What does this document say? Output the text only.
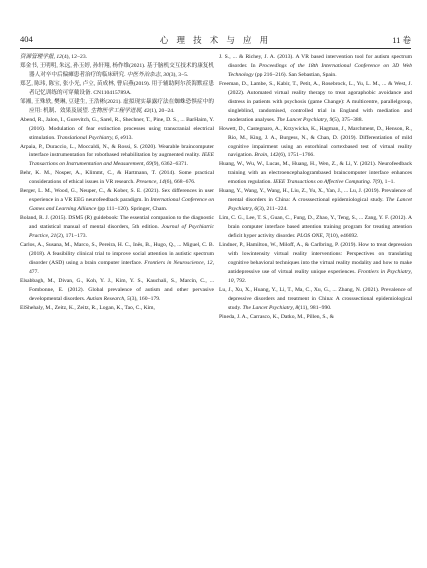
404	心 理 技 术 与 应 用	11 卷

资源管理学报, 12(4), 12−23.

郑金书, 王明明, 朱远, 孙玉婷, 孙轩翔, 杨作维(2021). 基于脑机交互技术的康复机器人对卒中后偏瘫患者治疗的临床研究. 中医外治杂志, 30(3), 3−5.

郑艺, 陈玮, 陈宝, 张小光, 卢立, 苗成林, 曹启燕(2019). 用于辅助阿尔茨海默症患者记忆训练的可穿戴设备. CN110415789A.

邹湘, 王殊轶, 樊琳, 豆建生, 王浩彬(2021). 虚拟现实暴露疗法在蜘蛛恐惧症中的应用: 机制、效果及展望. 生物医学工程学进展, 42(1), 20−24.

Abend, R., Jalon, I., Gurevitch, G., Sarel, R., Shechner, T., Pine, D. S., ... BarHaim, Y. (2016). Modulation of fear extinction processes using transcranial electrical stimulation. Translational Psychiatry, 6, e913.

Arpaia, P., Duraccio, L., Moccaldi, N., & Rossi, S. (2020). Wearable braincomputer interface instrumentation for robotbased rehabilitation by augmented reality. IEEE Transactions on Instrumentation and Measurement, 69(9), 6362−6371.

Behr, K. M., Nosper, A., Klimmt, C., & Hartmann, T. (2014). Some practical considerations of ethical issues in VR research. Presence, 14(6), 668−676.

Berger, L. M., Wood, G., Neuper, C., & Kober, S. E. (2021). Sex differences in user experience in a VR EEG neurofeedback paradigm. In International Conference on Games and Learning Alliance (pp 111−120). Springer, Cham.

Boland, R. J. (2015). DSM5 (R) guidebook: The essential companion to the diagnostic and statistical manual of mental disorders, 5th edition. Journal of Psychiatric Practice, 21(2), 171−173.

Carlos, A., Susana, M., Marco, S., Pereira, H. C., Inês, B., Hugo, Q., ... Miguel, C. B. (2018). A feasibility clinical trial to improve social attention in autistic spectrum disorder (ASD) using a brain computer interface. Frontiers in Neuroscience, 12, 477.

Elsabbagh, M., Divan, G., Koh, Y. J., Kim, Y. S., Kauchali, S., Marcín, C., ... Fombonne, E. (2012). Global prevalence of autism and other pervasive developmental disorders. Autism Research, 5(3), 160−179.

ElShehaly, M., Zeitz, K., Zeitz, R., Logan, K., Tao, C., Kim,

J. S., ... & Richey, J. A. (2013). A VR based intervention tool for autism spectrum disorder. In Proceedings of the 18th International Conference on 3D Web Technology (pp 216−216). San Sebastian, Spain.

Freeman, D., Lambe, S., Kabir, T., Petit, A., Rosebrock, L., Yu, L. M., ... & West, J. (2022). Automated virtual reality therapy to treat agoraphobic avoidance and distress in patients with psychosis (game Change): A multicentre, parallelgroup, singleblind, randomised, controlled trial in England with mediation and moderation analyses. The Lancet Psychiatry, 9(5), 375−388.

Howett, D., Castegnaro, A., Krzywicka, K., Hagman, J., Marchment, D., Henson, R., Rio, M., King, J. A., Burgess, N., & Chan, D. (2019). Differentiation of mild cognitive impairment using an entorhinal cortexbased test of virtual reality navigation. Brain, 142(6), 1751−1766.

Huang, W., Wu, W., Lucas, M., Huang, H., Wen, Z., & Li, Y. (2021). Neurofeedback training with an electroencephalogrambased braincomputer interface enhances emotion regulation. IEEE Transactions on Affective Computing. 7(9), 1−1.

Huang, Y., Wang, Y., Wang, H., Liu, Z., Yu, X., Yan, J., ... Lu, J. (2019). Prevalence of mental disorders in China: A crosssectional epidemiological study. The Lancet Psychiatry, 6(3), 211−224.

Lim, C. G., Lee, T. S., Guan, C., Fung, D., Zhao, Y., Teng, S., ... Zang, Y. F. (2012). A brain computer interface based attention training program for treating attention deficit hyper activity disorder. PLOS ONE, 7(10), e46692.

Lindner, P., Hamilton, W., Miloff, A., & Carlbring, P. (2019). How to treat depression with lowintensity virtual reality interventions: Perspectives on translating cognitive behavioral techniques into the virtual reality modality and how to make antidepressive use of virtual reality unique experiences. Frontiers in Psychiatry, 10, 792.

Lu, J., Xu, X., Huang, Y., Li, T., Ma, C., Xu, G., ... Zhang, N. (2021). Prevalence of depressive disorders and treatment in China: A crosssectional epidemiological study. The Lancet Psychiatry, 8(11), 981−990.

Pineda, J. A., Carrasco, K., Datko, M., Pillen, S., &
